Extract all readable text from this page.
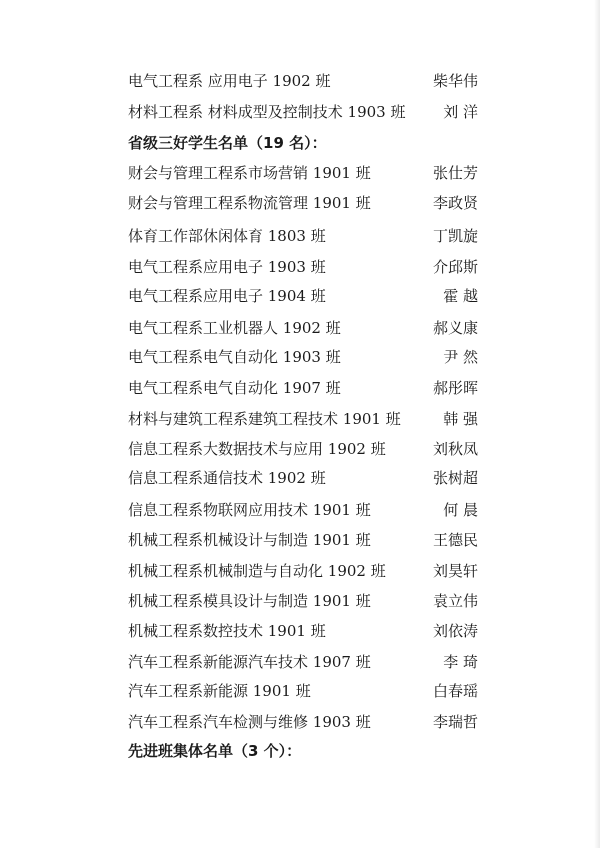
电气工程系 应用电子 1902 班	柴华伟
材料工程系 材料成型及控制技术 1903 班	刘 洋
省级三好学生名单（19 名）：
财会与管理工程系市场营销 1901 班	张仕芳
财会与管理工程系物流管理 1901 班	李政贤
体育工作部休闲体育 1803 班	丁凯旋
电气工程系应用电子 1903 班	介邱斯
电气工程系应用电子 1904 班	霍 越
电气工程系工业机器人 1902 班	郝义康
电气工程系电气自动化 1903 班	尹 然
电气工程系电气自动化 1907 班	郝彤晖
材料与建筑工程系建筑工程技术 1901 班	韩 强
信息工程系大数据技术与应用 1902 班	刘秋凤
信息工程系通信技术 1902 班	张树超
信息工程系物联网应用技术 1901 班	何 晨
机械工程系机械设计与制造 1901 班	王德民
机械工程系机械制造与自动化 1902 班	刘昊轩
机械工程系模具设计与制造 1901 班	袁立伟
机械工程系数控技术 1901 班	刘依涛
汽车工程系新能源汽车技术 1907 班	李 琦
汽车工程系新能源 1901 班	白春瑶
汽车工程系汽车检测与维修 1903 班	李瑞哲
先进班集体名单（3 个）：
